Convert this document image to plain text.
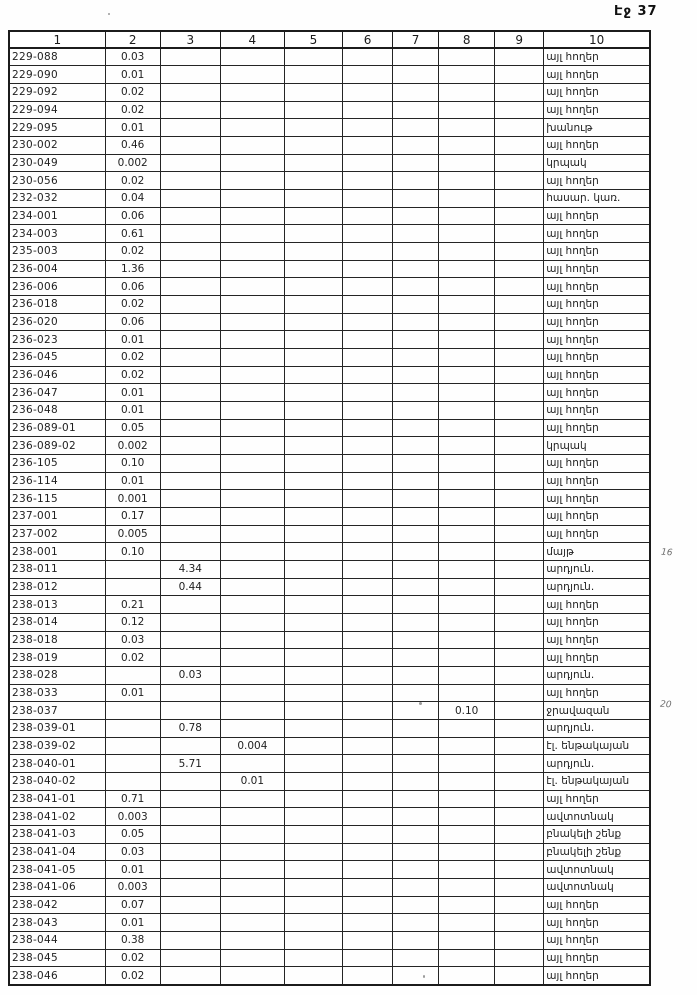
Էջ 37
1	2	3	4	5	6	7	8	9	10
229-088	0.03								այլ հողեր
229-090	0.01								այլ հողեր
229-092	0.02								այլ հողեր
229-094	0.02								այլ հողեր
229-095	0.01								խանութ
230-002	0.46								այլ հողեր
230-049	0.002								կրպակ
230-056	0.02								այլ հողեր
232-032	0.04								հասար. կառ.
234-001	0.06								այլ հողեր
234-003	0.61								այլ հողեր
235-003	0.02								այլ հողեր
236-004	1.36								այլ հողեր
236-006	0.06								այլ հողեր
236-018	0.02								այլ հողեր
236-020	0.06								այլ հողեր
236-023	0.01								այլ հողեր
236-045	0.02								այլ հողեր
236-046	0.02								այլ հողեր
236-047	0.01								այլ հողեր
236-048	0.01								այլ հողեր
236-089-01	0.05								այլ հողեր
236-089-02	0.002								կրպակ
236-105	0.10								այլ հողեր
236-114	0.01								այլ հողեր
236-115	0.001								այլ հողեր
237-001	0.17								այլ հողեր
237-002	0.005								այլ հողեր
238-001	0.10								մայթ
238-011		4.34							արդյուն.
238-012		0.44							արդյուն.
238-013	0.21								այլ հողեր
238-014	0.12								այլ հողեր
238-018	0.03								այլ հողեր
238-019	0.02								այլ հողեր
238-028		0.03							արդյուն.
238-033	0.01								այլ հողեր
238-037							0.10		ջրավազան
238-039-01		0.78							արդյուն.
238-039-02			0.004						էլ. ենթակայան
238-040-01		5.71							արդյուն.
238-040-02			0.01						էլ. ենթակայան
238-041-01	0.71								այլ հողեր
238-041-02	0.003								ավտոտնակ
238-041-03	0.05								բնակելի շենք
238-041-04	0.03								բնակելի շենք
238-041-05	0.01								ավտոտնակ
238-041-06	0.003								ավտոտնակ
238-042	0.07								այլ հողեր
238-043	0.01								այլ հողեր
238-044	0.38								այլ հողեր
238-045	0.02								այլ հողեր
238-046	0.02								այլ հողեր
16
20
